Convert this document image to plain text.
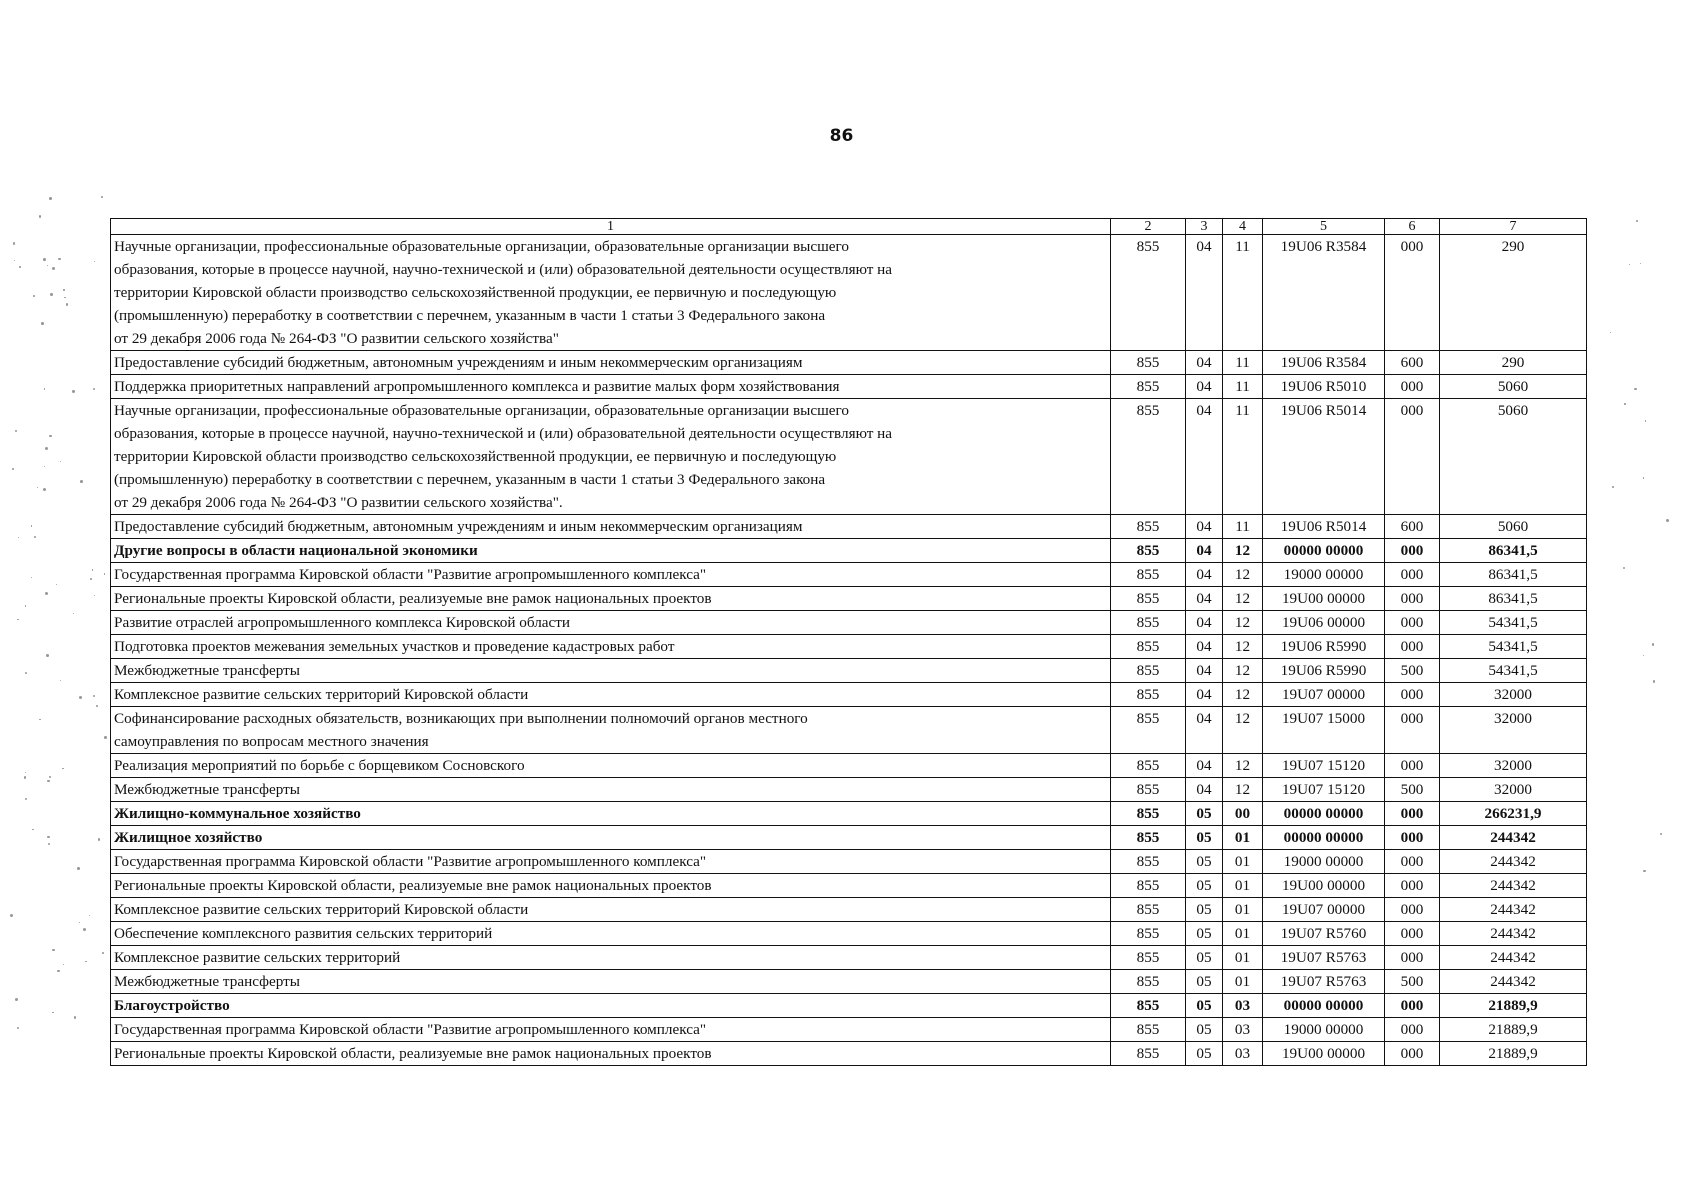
86
1	2	3	4	5	6	7

Научные организации, профессиональные образовательные организации, образовательные организации высшего
образования, которые в процессе научной, научно-технической и (или) образовательной деятельности осуществляют на
территории Кировской области производство сельскохозяйственной продукции, ее первичную и последующую
(промышленную) переработку в соответствии с перечнем, указанным в части 1 статьи 3 Федерального закона
от 29 декабря 2006 года № 264-ФЗ "О развитии сельского хозяйства"	855	04	11	19U06 R3584	000	290

Предоставление субсидий бюджетным, автономным учреждениям и иным некоммерческим организациям	855	04	11	19U06 R3584	600	290

Поддержка приоритетных направлений агропромышленного комплекса и развитие малых форм хозяйствования	855	04	11	19U06 R5010	000	5060

Научные организации, профессиональные образовательные организации, образовательные организации высшего
образования, которые в процессе научной, научно-технической и (или) образовательной деятельности осуществляют на
территории Кировской области производство сельскохозяйственной продукции, ее первичную и последующую
(промышленную) переработку в соответствии с перечнем, указанным в части 1 статьи 3 Федерального закона
от 29 декабря 2006 года № 264-ФЗ "О развитии сельского хозяйства".	855	04	11	19U06 R5014	000	5060

Предоставление субсидий бюджетным, автономным учреждениям и иным некоммерческим организациям	855	04	11	19U06 R5014	600	5060

Другие вопросы в области национальной экономики	855	04	12	00000 00000	000	86341,5

Государственная программа Кировской области "Развитие агропромышленного комплекса"	855	04	12	19000 00000	000	86341,5

Региональные проекты Кировской области, реализуемые вне рамок национальных проектов	855	04	12	19U00 00000	000	86341,5

Развитие отраслей агропромышленного комплекса Кировской области	855	04	12	19U06 00000	000	54341,5

Подготовка проектов межевания земельных участков и проведение кадастровых работ	855	04	12	19U06 R5990	000	54341,5

Межбюджетные трансферты	855	04	12	19U06 R5990	500	54341,5

Комплексное развитие сельских территорий Кировской области	855	04	12	19U07 00000	000	32000

Софинансирование расходных обязательств, возникающих при выполнении полномочий органов местного
самоуправления по вопросам местного значения	855	04	12	19U07 15000	000	32000

Реализация мероприятий по борьбе с борщевиком Сосновского	855	04	12	19U07 15120	000	32000

Межбюджетные трансферты	855	04	12	19U07 15120	500	32000

Жилищно-коммунальное хозяйство	855	05	00	00000 00000	000	266231,9

Жилищное хозяйство	855	05	01	00000 00000	000	244342

Государственная программа Кировской области "Развитие агропромышленного комплекса"	855	05	01	19000 00000	000	244342

Региональные проекты Кировской области, реализуемые вне рамок национальных проектов	855	05	01	19U00 00000	000	244342

Комплексное развитие сельских территорий Кировской области	855	05	01	19U07 00000	000	244342

Обеспечение комплексного развития сельских территорий	855	05	01	19U07 R5760	000	244342

Комплексное развитие сельских территорий	855	05	01	19U07 R5763	000	244342

Межбюджетные трансферты	855	05	01	19U07 R5763	500	244342

Благоустройство	855	05	03	00000 00000	000	21889,9

Государственная программа Кировской области "Развитие агропромышленного комплекса"	855	05	03	19000 00000	000	21889,9

Региональные проекты Кировской области, реализуемые вне рамок национальных проектов	855	05	03	19U00 00000	000	21889,9
